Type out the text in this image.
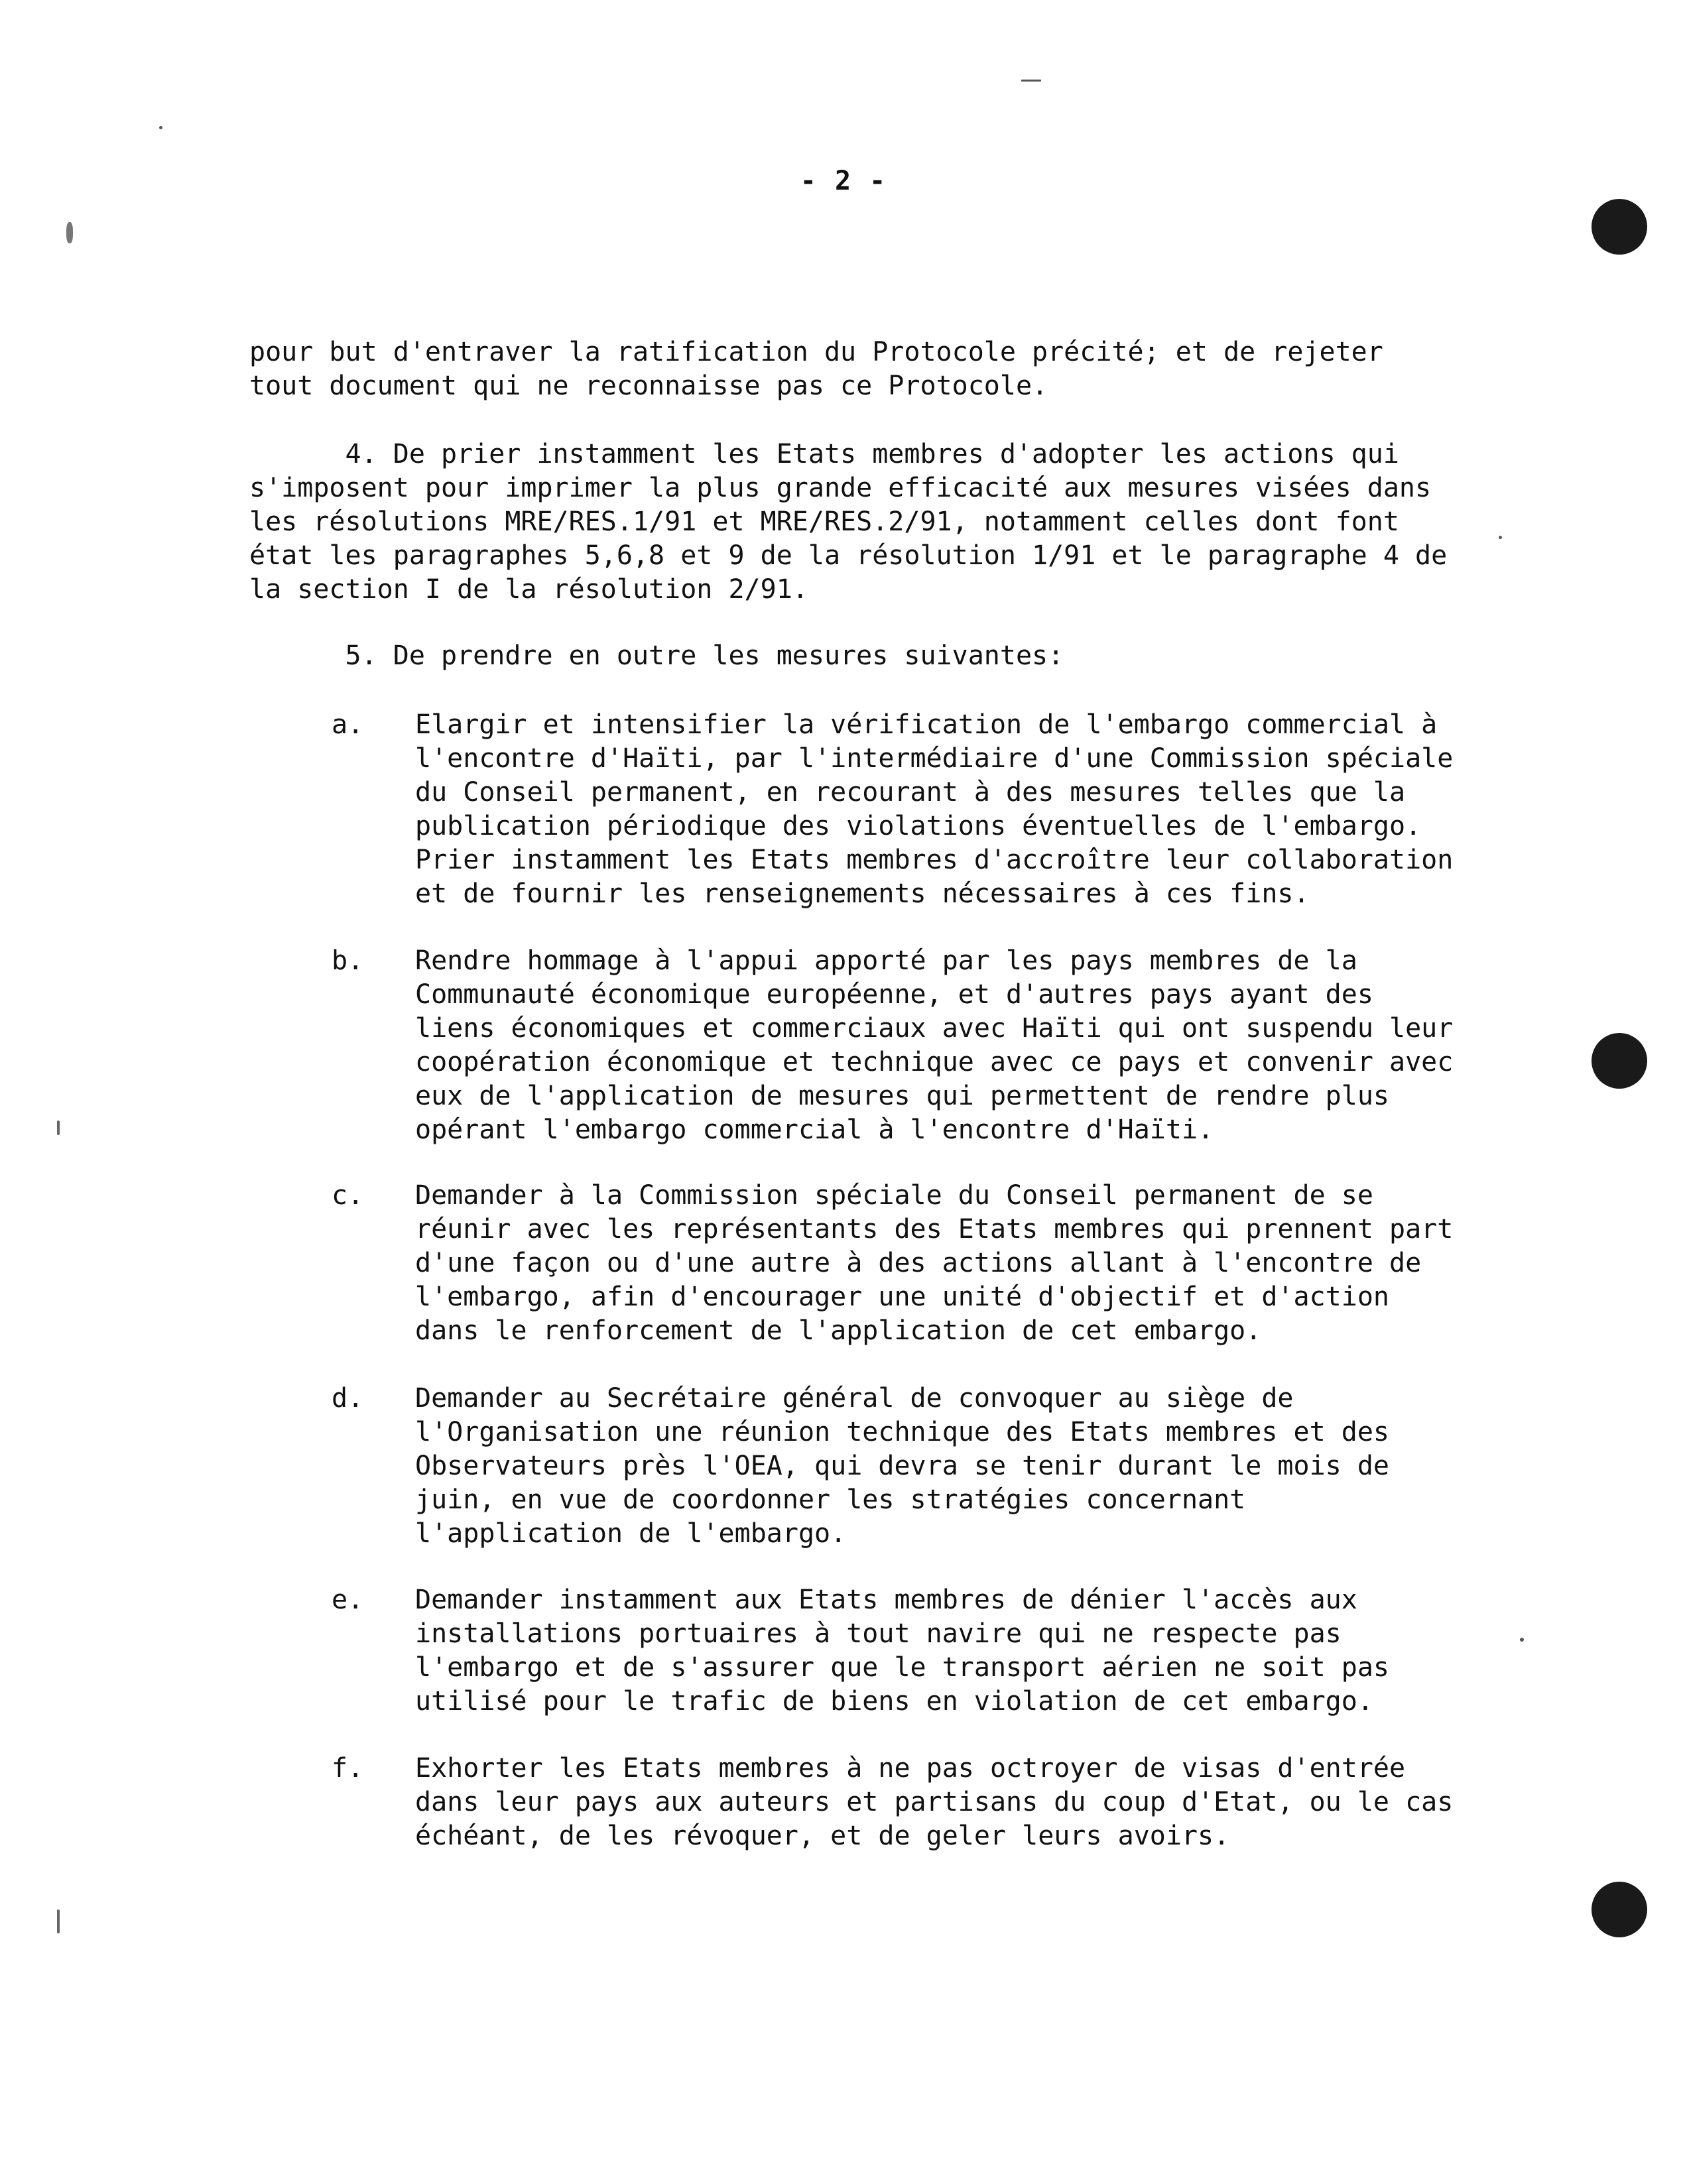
- 2 -
pour but d'entraver la ratification du Protocole précité; et de rejeter
tout document qui ne reconnaisse pas ce Protocole.
4. De prier instamment les Etats membres d'adopter les actions qui
s'imposent pour imprimer la plus grande efficacité aux mesures visées dans
les résolutions MRE/RES.1/91 et MRE/RES.2/91, notamment celles dont font
état les paragraphes 5,6,8 et 9 de la résolution 1/91 et le paragraphe 4 de
la section I de la résolution 2/91.
5. De prendre en outre les mesures suivantes:
a. Elargir et intensifier la vérification de l'embargo commercial à
l'encontre d'Haïti, par l'intermédiaire d'une Commission spéciale
du Conseil permanent, en recourant à des mesures telles que la
publication périodique des violations éventuelles de l'embargo.
Prier instamment les Etats membres d'accroître leur collaboration
et de fournir les renseignements nécessaires à ces fins.
b. Rendre hommage à l'appui apporté par les pays membres de la
Communauté économique européenne, et d'autres pays ayant des
liens économiques et commerciaux avec Haïti qui ont suspendu leur
coopération économique et technique avec ce pays et convenir avec
eux de l'application de mesures qui permettent de rendre plus
opérant l'embargo commercial à l'encontre d'Haïti.
c. Demander à la Commission spéciale du Conseil permanent de se
réunir avec les représentants des Etats membres qui prennent part
d'une façon ou d'une autre à des actions allant à l'encontre de
l'embargo, afin d'encourager une unité d'objectif et d'action
dans le renforcement de l'application de cet embargo.
d. Demander au Secrétaire général de convoquer au siège de
l'Organisation une réunion technique des Etats membres et des
Observateurs près l'OEA, qui devra se tenir durant le mois de
juin, en vue de coordonner les stratégies concernant
l'application de l'embargo.
e. Demander instamment aux Etats membres de dénier l'accès aux
installations portuaires à tout navire qui ne respecte pas
l'embargo et de s'assurer que le transport aérien ne soit pas
utilisé pour le trafic de biens en violation de cet embargo.
f. Exhorter les Etats membres à ne pas octroyer de visas d'entrée
dans leur pays aux auteurs et partisans du coup d'Etat, ou le cas
échéant, de les révoquer, et de geler leurs avoirs.
